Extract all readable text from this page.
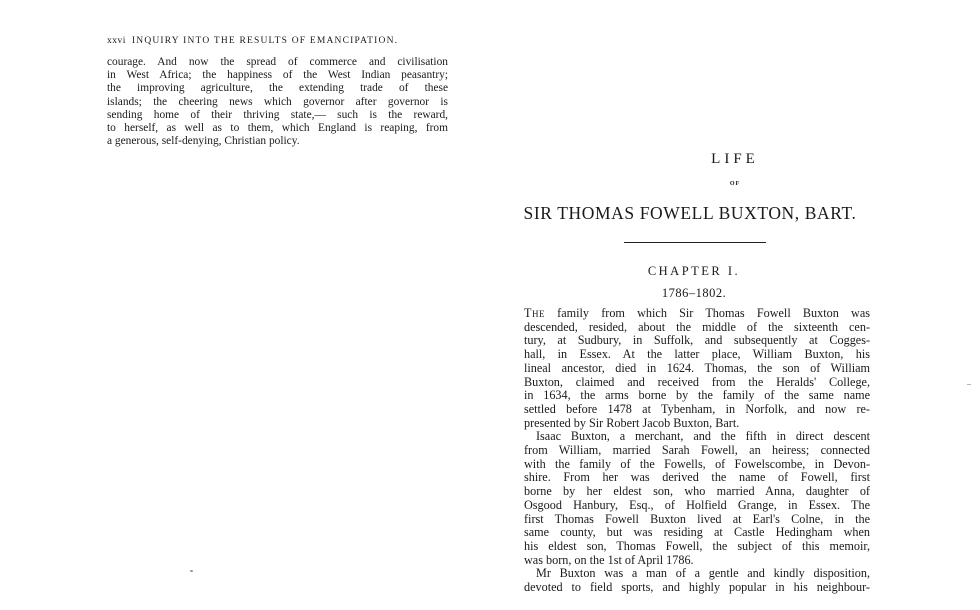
xxvi INQUIRY INTO THE RESULTS OF EMANCIPATION.
courage. And now the spread of commerce and civilisation
in West Africa; the happiness of the West Indian peasantry;
the improving agriculture, the extending trade of these
islands; the cheering news which governor after governor is
sending home of their thriving state,— such is the reward,
to herself, as well as to them, which England is reaping, from
a generous, self-denying, Christian policy.
LIFE
OF
SIR THOMAS FOWELL BUXTON, BART.
CHAPTER I.
1786–1802.
The family from which Sir Thomas Fowell Buxton was
descended, resided, about the middle of the sixteenth cen-
tury, at Sudbury, in Suffolk, and subsequently at Cogges-
hall, in Essex. At the latter place, William Buxton, his
lineal ancestor, died in 1624. Thomas, the son of William
Buxton, claimed and received from the Heralds' College,
in 1634, the arms borne by the family of the same name
settled before 1478 at Tybenham, in Norfolk, and now re-
presented by Sir Robert Jacob Buxton, Bart.
Isaac Buxton, a merchant, and the fifth in direct descent
from William, married Sarah Fowell, an heiress; connected
with the family of the Fowells, of Fowelscombe, in Devon-
shire. From her was derived the name of Fowell, first
borne by her eldest son, who married Anna, daughter of
Osgood Hanbury, Esq., of Holfield Grange, in Essex. The
first Thomas Fowell Buxton lived at Earl's Colne, in the
same county, but was residing at Castle Hedingham when
his eldest son, Thomas Fowell, the subject of this memoir,
was born, on the 1st of April 1786.
Mr Buxton was a man of a gentle and kindly disposition,
devoted to field sports, and highly popular in his neighbour-
